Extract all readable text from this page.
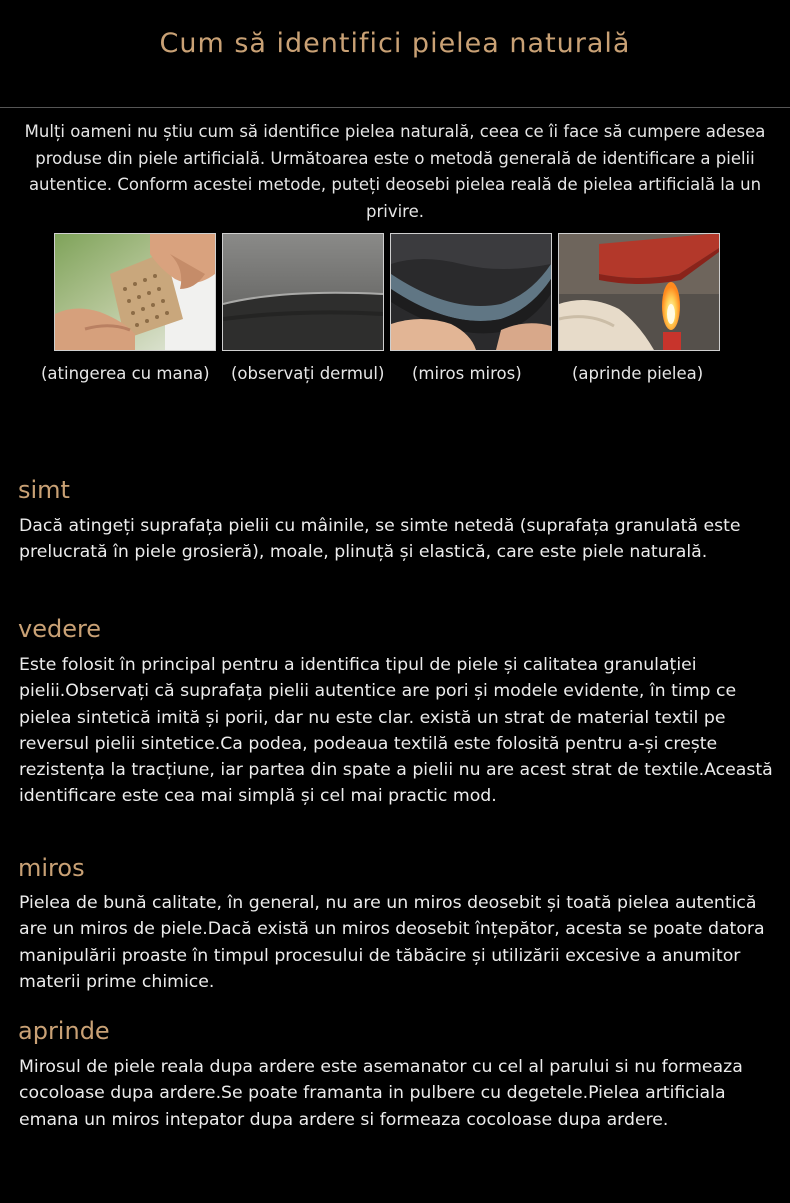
Cum să identifici pielea naturală

Mulți oameni nu știu cum să identifice pielea naturală, ceea ce îi face să cumpere adesea produse din piele artificială. Următoarea este o metodă generală de identificare a pielii autentice. Conform acestei metode, puteți deosebi pielea reală de pielea artificială la un privire.

(atingerea cu mana) (observați dermul) (miros miros)	(aprinde pielea)
simt

Dacă atingeți suprafața pielii cu mâinile, se simte netedă (suprafața granulată este prelucrată în piele grosieră), moale, plinuță și elastică, care este piele naturală.

vedere

Este folosit în principal pentru a identifica tipul de piele și calitatea granulației pielii.Observați că suprafața pielii autentice are pori și modele evidente, în timp ce pielea sintetică imită și porii, dar nu este clar. există un strat de material textil pe reversul pielii sintetice.Ca podea, podeaua textilă este folosită pentru a-și crește rezistența la tracțiune, iar partea din spate a pielii nu are acest strat de textile.Această identificare este cea mai simplă și cel mai practic mod.

miros

Pielea de bună calitate, în general, nu are un miros deosebit și toată pielea autentică are un miros de piele.Dacă există un miros deosebit înțepător, acesta se poate datora manipulării proaste în timpul procesului de tăbăcire și utilizării excesive a anumitor materii prime chimice.

aprinde

Mirosul de piele reala dupa ardere este asemanator cu cel al parului si nu formeaza cocoloase dupa ardere.Se poate framanta in pulbere cu degetele.Pielea artificiala emana un miros intepator dupa ardere si formeaza cocoloase dupa ardere.
